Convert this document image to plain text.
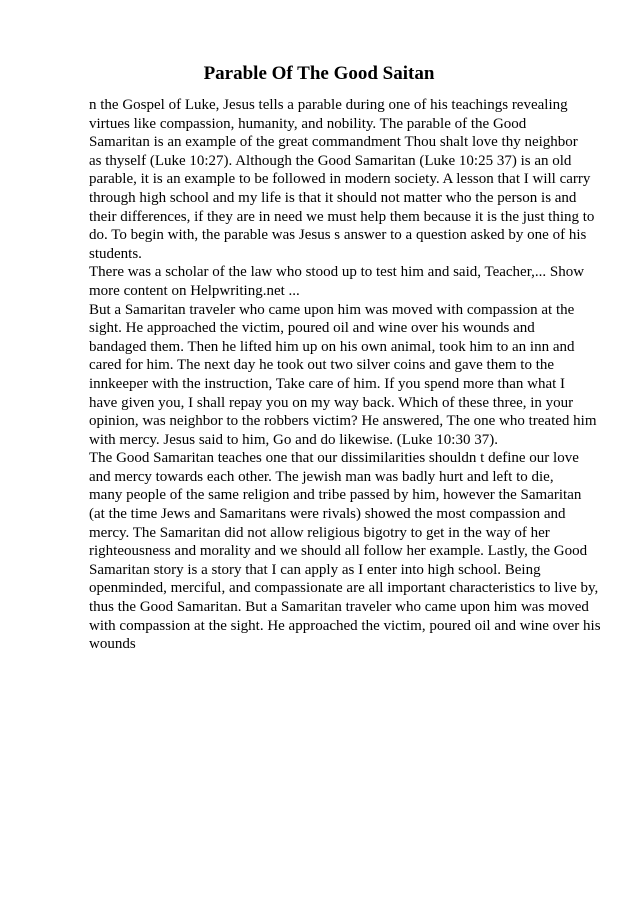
Parable Of The Good Saitan
n the Gospel of Luke, Jesus tells a parable during one of his teachings revealing
virtues like compassion, humanity, and nobility. The parable of the Good
Samaritan is an example of the great commandment Thou shalt love thy neighbor
as thyself (Luke 10:27). Although the Good Samaritan (Luke 10:25 37) is an old
parable, it is an example to be followed in modern society. A lesson that I will carry
through high school and my life is that it should not matter who the person is and
their differences, if they are in need we must help them because it is the just thing to
do. To begin with, the parable was Jesus s answer to a question asked by one of his
students.
There was a scholar of the law who stood up to test him and said, Teacher,... Show
more content on Helpwriting.net ...
But a Samaritan traveler who came upon him was moved with compassion at the
sight. He approached the victim, poured oil and wine over his wounds and
bandaged them. Then he lifted him up on his own animal, took him to an inn and
cared for him. The next day he took out two silver coins and gave them to the
innkeeper with the instruction, Take care of him. If you spend more than what I
have given you, I shall repay you on my way back. Which of these three, in your
opinion, was neighbor to the robbers victim? He answered, The one who treated him
with mercy. Jesus said to him, Go and do likewise. (Luke 10:30 37).
The Good Samaritan teaches one that our dissimilarities shouldn t define our love
and mercy towards each other. The jewish man was badly hurt and left to die,
many people of the same religion and tribe passed by him, however the Samaritan
(at the time Jews and Samaritans were rivals) showed the most compassion and
mercy. The Samaritan did not allow religious bigotry to get in the way of her
righteousness and morality and we should all follow her example. Lastly, the Good
Samaritan story is a story that I can apply as I enter into high school. Being
openminded, merciful, and compassionate are all important characteristics to live by,
thus the Good Samaritan. But a Samaritan traveler who came upon him was moved
with compassion at the sight. He approached the victim, poured oil and wine over his
wounds
